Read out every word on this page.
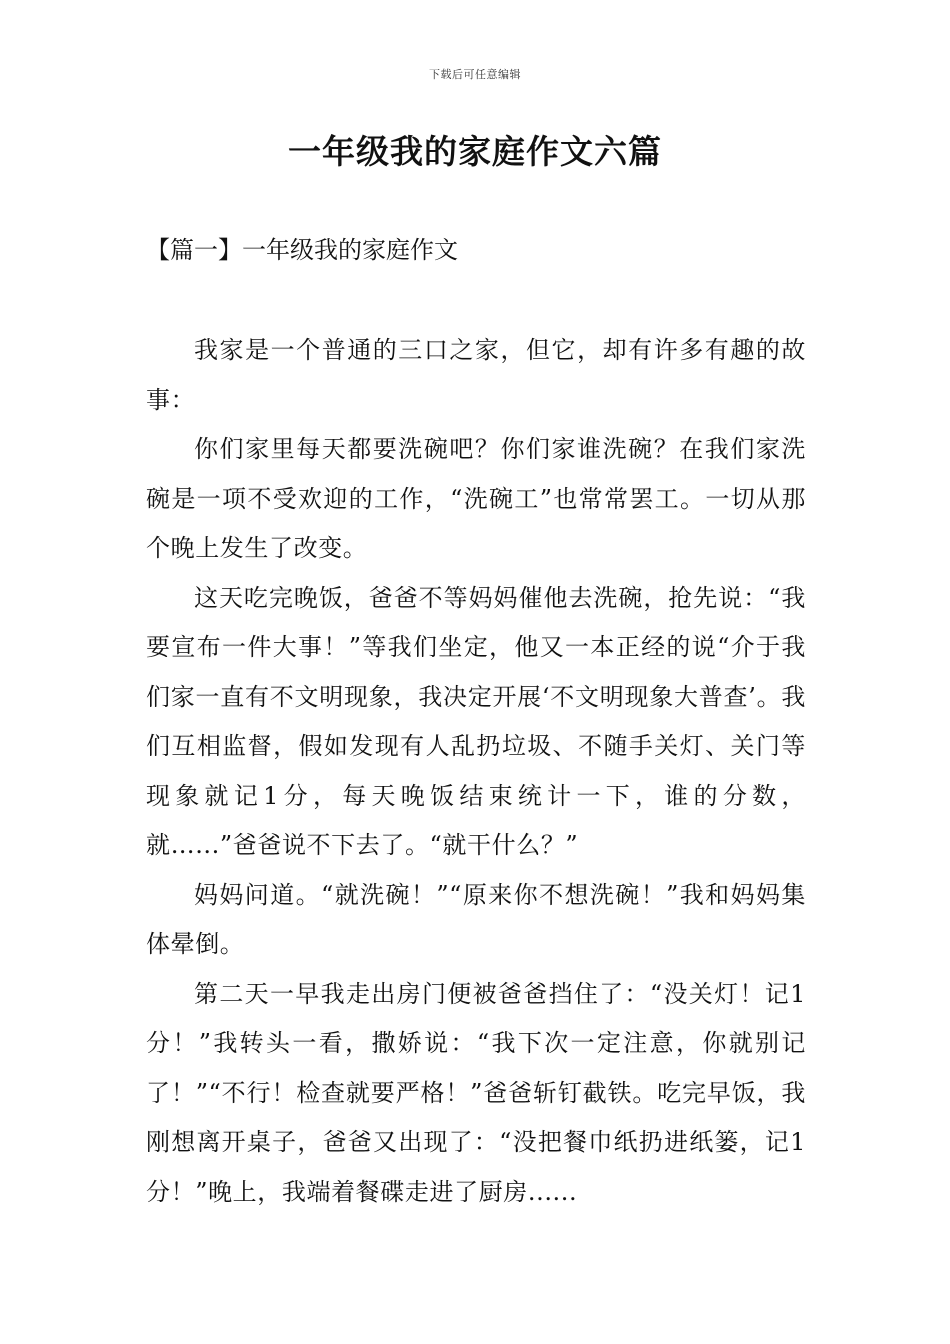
下载后可任意编辑
一年级我的家庭作文六篇
【篇一】一年级我的家庭作文

我家是一个普通的三口之家，但它，却有许多有趣的故事：

你们家里每天都要洗碗吧？你们家谁洗碗？在我们家洗碗是一项不受欢迎的工作，“洗碗工”也常常罢工。一切从那个晚上发生了改变。

这天吃完晚饭，爸爸不等妈妈催他去洗碗，抢先说：“我要宣布一件大事！”等我们坐定，他又一本正经的说“介于我们家一直有不文明现象，我决定开展‘不文明现象大普查’。我们互相监督，假如发现有人乱扔垃圾、不随手关灯、关门等现象就记1分，每天晚饭结束统计一下，谁的分数，就…...”爸爸说不下去了。“就干什么？”

妈妈问道。“就洗碗！”“原来你不想洗碗！”我和妈妈集体晕倒。

第二天一早我走出房门便被爸爸挡住了：“没关灯！记1分！”我转头一看，撒娇说：“我下次一定注意，你就别记了！”“不行！检查就要严格！”爸爸斩钉截铁。吃完早饭，我刚想离开桌子，爸爸又出现了：“没把餐巾纸扔进纸篓，记1分！”晚上，我端着餐碟走进了厨房......
